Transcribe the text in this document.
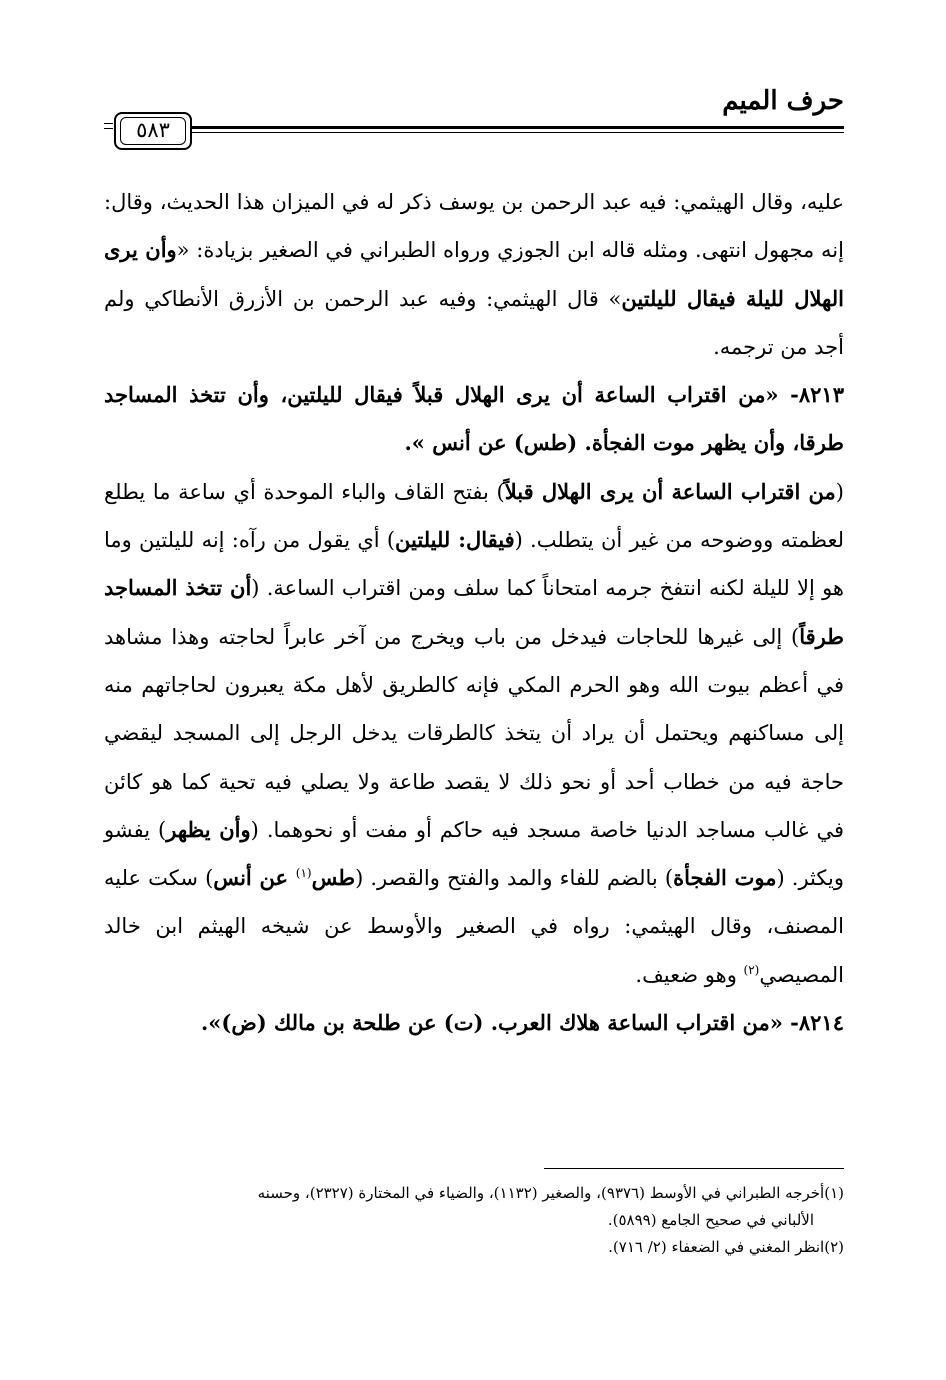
حرف الميم
٥٨٣

عليه، وقال الهيثمي: فيه عبد الرحمن بن يوسف ذكر له في الميزان هذا الحديث، وقال: إنه مجهول انتهى. ومثله قاله ابن الجوزي ورواه الطبراني في الصغير بزيادة: «وأن يرى الهلال لليلة فيقال لليلتين» قال الهيثمي: وفيه عبد الرحمن بن الأزرق الأنطاكي ولم أجد من ترجمه.

٨٢١٣- «من اقتراب الساعة أن يرى الهلال قبلاً فيقال لليلتين، وأن تتخذ المساجد طرقا، وأن يظهر موت الفجأة. (طس) عن أنس ».

(من اقتراب الساعة أن يرى الهلال قبلاً) بفتح القاف والباء الموحدة أي ساعة ما يطلع لعظمته ووضوحه من غير أن يتطلب. (فيقال: لليلتين) أي يقول من رآه: إنه لليلتين وما هو إلا لليلة لكنه انتفخ جرمه امتحاناً كما سلف ومن اقتراب الساعة. (أن تتخذ المساجد طرقاً) إلى غيرها للحاجات فيدخل من باب ويخرج من آخر عابراً لحاجته وهذا مشاهد في أعظم بيوت الله وهو الحرم المكي فإنه كالطريق لأهل مكة يعبرون لحاجاتهم منه إلى مساكنهم ويحتمل أن يراد أن يتخذ كالطرقات يدخل الرجل إلى المسجد ليقضي حاجة فيه من خطاب أحد أو نحو ذلك لا يقصد طاعة ولا يصلي فيه تحية كما هو كائن في غالب مساجد الدنيا خاصة مسجد فيه حاكم أو مفت أو نحوهما. (وأن يظهر) يفشو ويكثر. (موت الفجأة) بالضم للفاء والمد والفتح والقصر. (طس$^{(١)}$ عن أنس) سكت عليه المصنف، وقال الهيثمي: رواه في الصغير والأوسط عن شيخه الهيثم ابن خالد المصيصي$^{(٢)}$ وهو ضعيف.

٨٢١٤- «من اقتراب الساعة هلاك العرب. (ت) عن طلحة بن مالك (ض)».

(١)أخرجه الطبراني في الأوسط (٩٣٧٦)، والصغير (١١٣٢)، والضياء في المختارة (٢٣٢٧)، وحسنه

الألباني في صحيح الجامع (٥٨٩٩).

(٢)انظر المغني في الضعفاء (٢/ ٧١٦).
